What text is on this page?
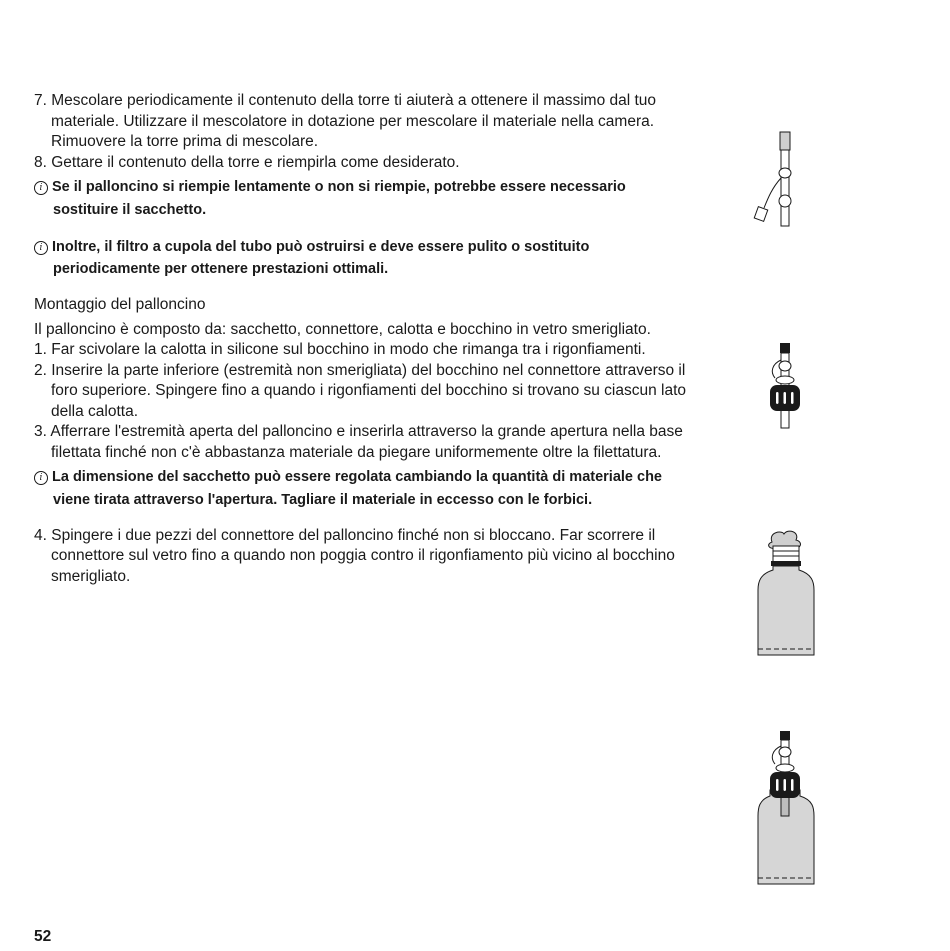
7. Mescolare periodicamente il contenuto della torre ti aiuterà a ottenere il massimo dal tuo materiale. Utilizzare il mescolatore in dotazione per mescolare il materiale nella camera. Rimuovere la torre prima di mescolare.

8. Gettare il contenuto della torre e riempirla come desiderato.

i Se il palloncino si riempie lentamente o non si riempie, potrebbe essere necessario sostituire il sacchetto.

i Inoltre, il filtro a cupola del tubo può ostruirsi e deve essere pulito o sostituito periodicamente per ottenere prestazioni ottimali.

Montaggio del palloncino

Il palloncino è composto da: sacchetto, connettore, calotta e bocchino in vetro smerigliato.

1. Far scivolare la calotta in silicone sul bocchino in modo che rimanga tra i rigonfiamenti.

2. Inserire la parte inferiore (estremità non smerigliata) del bocchino nel connettore attraverso il foro superiore. Spingere fino a quando i rigonfiamenti del bocchino si trovano su ciascun lato della calotta.

3. Afferrare l'estremità aperta del palloncino e inserirla attraverso la grande apertura nella base filettata finché non c'è abbastanza materiale da piegare uniformemente oltre la filettatura.

i La dimensione del sacchetto può essere regolata cambiando la quantità di materiale che viene tirata attraverso l'apertura. Tagliare il materiale in eccesso con le forbici.

4. Spingere i due pezzi del connettore del palloncino finché non si bloccano. Far scorrere il connettore sul vetro fino a quando non poggia contro il rigonfiamento più vicino al bocchino smerigliato.

52
